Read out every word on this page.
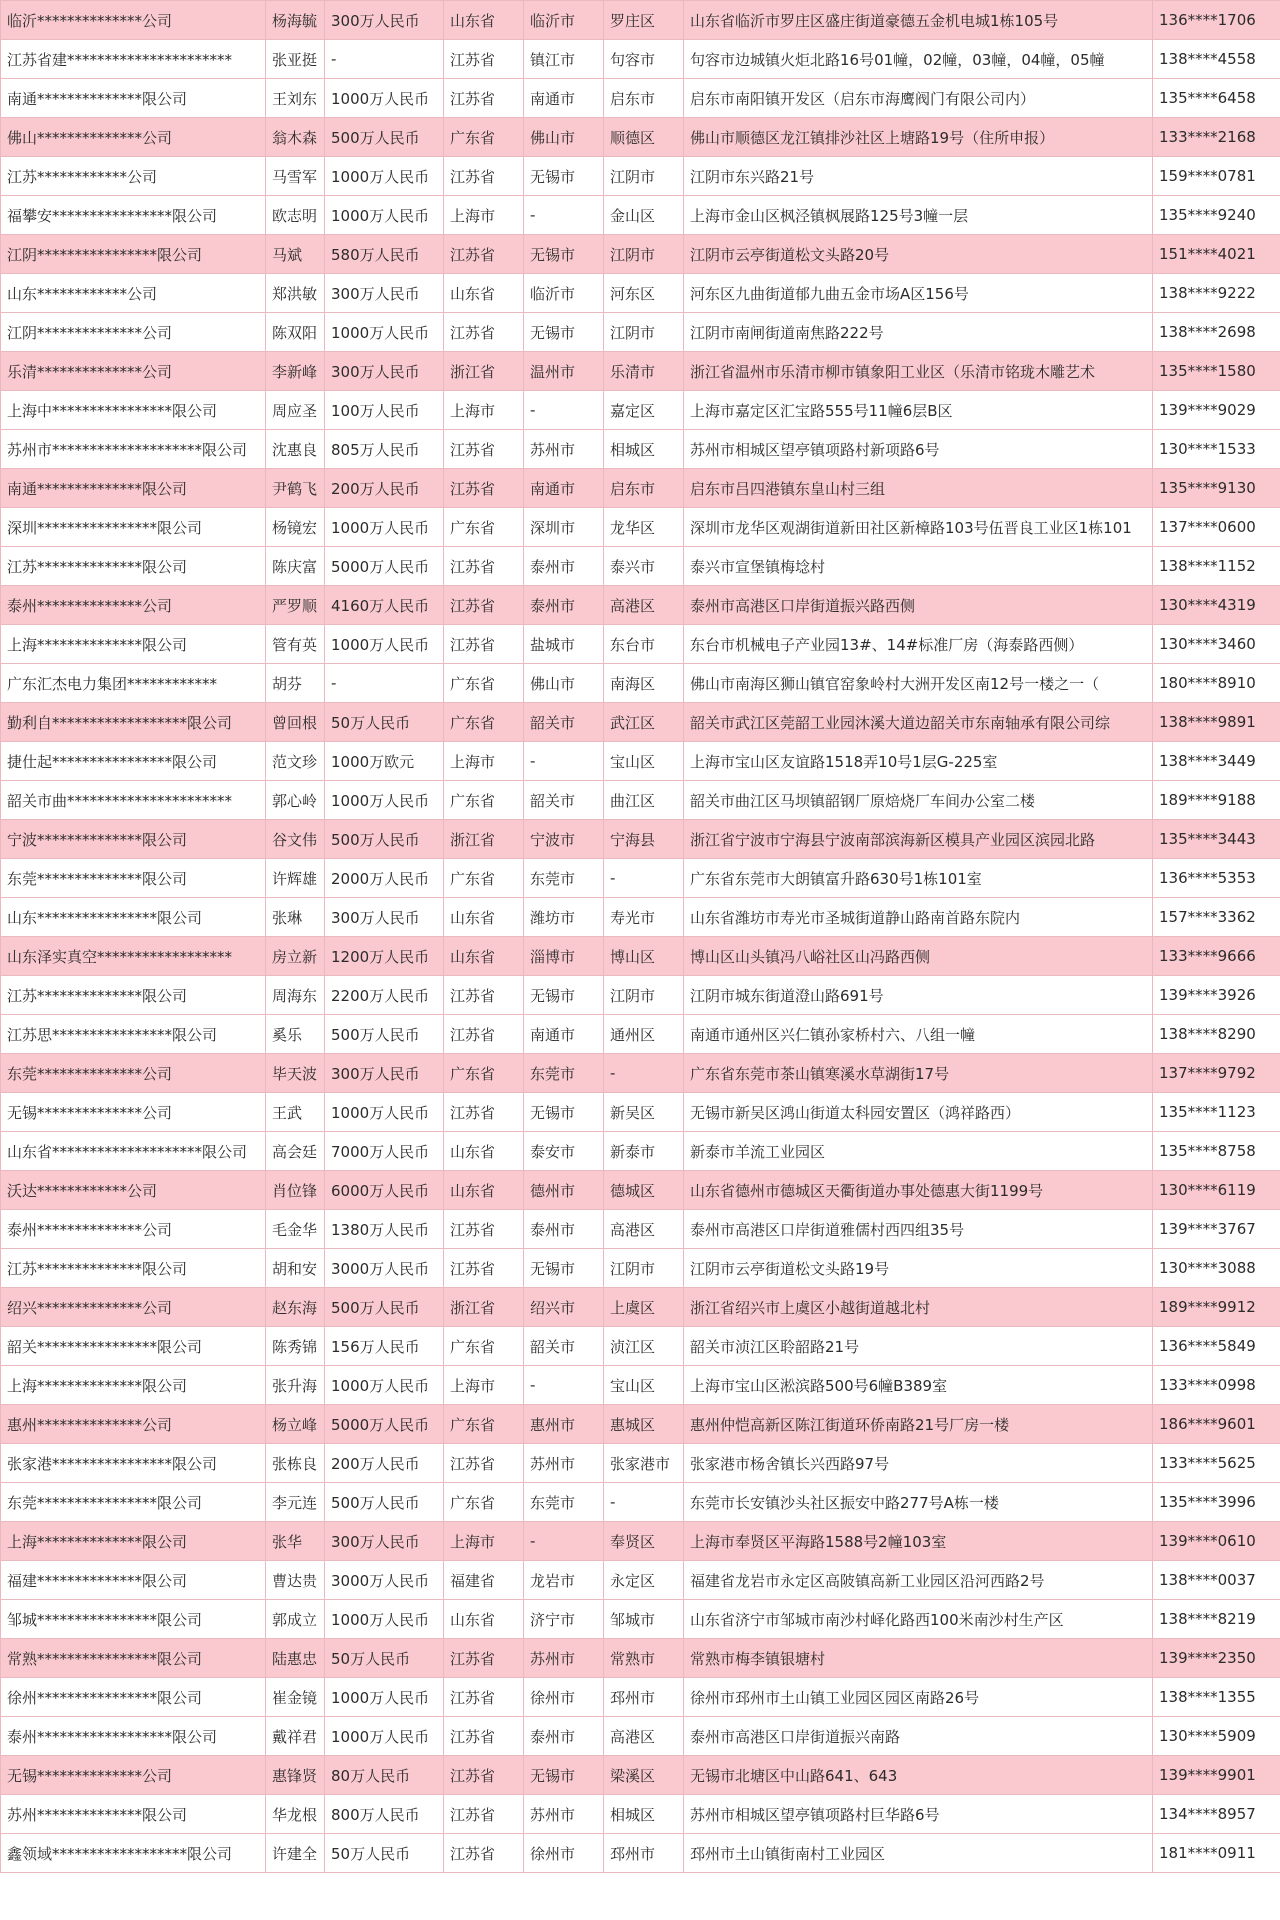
临沂**************公司	杨海毓	300万人民币	山东省	临沂市	罗庄区	山东省临沂市罗庄区盛庄街道豪德五金机电城1栋105号	136****1706
江苏省建**********************	张亚挺	-	江苏省	镇江市	句容市	句容市边城镇火炬北路16号01幢，02幢，03幢，04幢，05幢	138****4558
南通**************限公司	王刘东	1000万人民币	江苏省	南通市	启东市	启东市南阳镇开发区（启东市海鹰阀门有限公司内）	135****6458
佛山**************公司	翁木森	500万人民币	广东省	佛山市	顺德区	佛山市顺德区龙江镇排沙社区上塘路19号（住所申报）	133****2168
江苏************公司	马雪军	1000万人民币	江苏省	无锡市	江阴市	江阴市东兴路21号	159****0781
福攀安****************限公司	欧志明	1000万人民币	上海市	-	金山区	上海市金山区枫泾镇枫展路125号3幢一层	135****9240
江阴****************限公司	马斌	580万人民币	江苏省	无锡市	江阴市	江阴市云亭街道松文头路20号	151****4021
山东************公司	郑洪敏	300万人民币	山东省	临沂市	河东区	河东区九曲街道郁九曲五金市场A区156号	138****9222
江阴**************公司	陈双阳	1000万人民币	江苏省	无锡市	江阴市	江阴市南闸街道南焦路222号	138****2698
乐清**************公司	李新峰	300万人民币	浙江省	温州市	乐清市	浙江省温州市乐清市柳市镇象阳工业区（乐清市铭珑木雕艺术	135****1580
上海中****************限公司	周应圣	100万人民币	上海市	-	嘉定区	上海市嘉定区汇宝路555号11幢6层B区	139****9029
苏州市********************限公司	沈惠良	805万人民币	江苏省	苏州市	相城区	苏州市相城区望亭镇项路村新项路6号	130****1533
南通**************限公司	尹鹤飞	200万人民币	江苏省	南通市	启东市	启东市吕四港镇东皇山村三组	135****9130
深圳****************限公司	杨镜宏	1000万人民币	广东省	深圳市	龙华区	深圳市龙华区观湖街道新田社区新樟路103号伍晋良工业区1栋101	137****0600
江苏**************限公司	陈庆富	5000万人民币	江苏省	泰州市	泰兴市	泰兴市宣堡镇梅埝村	138****1152
泰州**************公司	严罗顺	4160万人民币	江苏省	泰州市	高港区	泰州市高港区口岸街道振兴路西侧	130****4319
上海**************限公司	管有英	1000万人民币	江苏省	盐城市	东台市	东台市机械电子产业园13#、14#标准厂房（海泰路西侧）	130****3460
广东汇杰电力集团************	胡芬	-	广东省	佛山市	南海区	佛山市南海区狮山镇官窑象岭村大洲开发区南12号一楼之一（	180****8910
勤利自******************限公司	曾回根	50万人民币	广东省	韶关市	武江区	韶关市武江区莞韶工业园沐溪大道边韶关市东南轴承有限公司综	138****9891
捷仕起****************限公司	范文珍	1000万欧元	上海市	-	宝山区	上海市宝山区友谊路1518弄10号1层G-225室	138****3449
韶关市曲**********************	郭心岭	1000万人民币	广东省	韶关市	曲江区	韶关市曲江区马坝镇韶钢厂原焙烧厂车间办公室二楼	189****9188
宁波**************限公司	谷文伟	500万人民币	浙江省	宁波市	宁海县	浙江省宁波市宁海县宁波南部滨海新区模具产业园区滨园北路	135****3443
东莞**************限公司	许辉雄	2000万人民币	广东省	东莞市	-	广东省东莞市大朗镇富升路630号1栋101室	136****5353
山东****************限公司	张琳	300万人民币	山东省	潍坊市	寿光市	山东省潍坊市寿光市圣城街道静山路南首路东院内	157****3362
山东泽实真空******************	房立新	1200万人民币	山东省	淄博市	博山区	博山区山头镇冯八峪社区山冯路西侧	133****9666
江苏**************限公司	周海东	2200万人民币	江苏省	无锡市	江阴市	江阴市城东街道澄山路691号	139****3926
江苏思****************限公司	奚乐	500万人民币	江苏省	南通市	通州区	南通市通州区兴仁镇孙家桥村六、八组一幢	138****8290
东莞**************公司	毕天波	300万人民币	广东省	东莞市	-	广东省东莞市茶山镇寒溪水草湖街17号	137****9792
无锡**************公司	王武	1000万人民币	江苏省	无锡市	新吴区	无锡市新吴区鸿山街道太科园安置区（鸿祥路西）	135****1123
山东省********************限公司	高会廷	7000万人民币	山东省	泰安市	新泰市	新泰市羊流工业园区	135****8758
沃达************公司	肖位锋	6000万人民币	山东省	德州市	德城区	山东省德州市德城区天衢街道办事处德惠大街1199号	130****6119
泰州**************公司	毛金华	1380万人民币	江苏省	泰州市	高港区	泰州市高港区口岸街道雅儒村西四组35号	139****3767
江苏**************限公司	胡和安	3000万人民币	江苏省	无锡市	江阴市	江阴市云亭街道松文头路19号	130****3088
绍兴**************公司	赵东海	500万人民币	浙江省	绍兴市	上虞区	浙江省绍兴市上虞区小越街道越北村	189****9912
韶关****************限公司	陈秀锦	156万人民币	广东省	韶关市	浈江区	韶关市浈江区聆韶路21号	136****5849
上海**************限公司	张升海	1000万人民币	上海市	-	宝山区	上海市宝山区淞滨路500号6幢B389室	133****0998
惠州**************公司	杨立峰	5000万人民币	广东省	惠州市	惠城区	惠州仲恺高新区陈江街道环侨南路21号厂房一楼	186****9601
张家港****************限公司	张栋良	200万人民币	江苏省	苏州市	张家港市	张家港市杨舍镇长兴西路97号	133****5625
东莞****************限公司	李元连	500万人民币	广东省	东莞市	-	东莞市长安镇沙头社区振安中路277号A栋一楼	135****3996
上海**************限公司	张华	300万人民币	上海市	-	奉贤区	上海市奉贤区平海路1588号2幢103室	139****0610
福建**************限公司	曹达贵	3000万人民币	福建省	龙岩市	永定区	福建省龙岩市永定区高陂镇高新工业园区沿河西路2号	138****0037
邹城****************限公司	郭成立	1000万人民币	山东省	济宁市	邹城市	山东省济宁市邹城市南沙村峄化路西100米南沙村生产区	138****8219
常熟****************限公司	陆惠忠	50万人民币	江苏省	苏州市	常熟市	常熟市梅李镇银塘村	139****2350
徐州****************限公司	崔金镜	1000万人民币	江苏省	徐州市	邳州市	徐州市邳州市土山镇工业园区园区南路26号	138****1355
泰州******************限公司	戴祥君	1000万人民币	江苏省	泰州市	高港区	泰州市高港区口岸街道振兴南路	130****5909
无锡**************公司	惠锋贤	80万人民币	江苏省	无锡市	梁溪区	无锡市北塘区中山路641、643	139****9901
苏州**************限公司	华龙根	800万人民币	江苏省	苏州市	相城区	苏州市相城区望亭镇项路村巨华路6号	134****8957
鑫领域******************限公司	许建全	50万人民币	江苏省	徐州市	邳州市	邳州市土山镇街南村工业园区	181****0911
